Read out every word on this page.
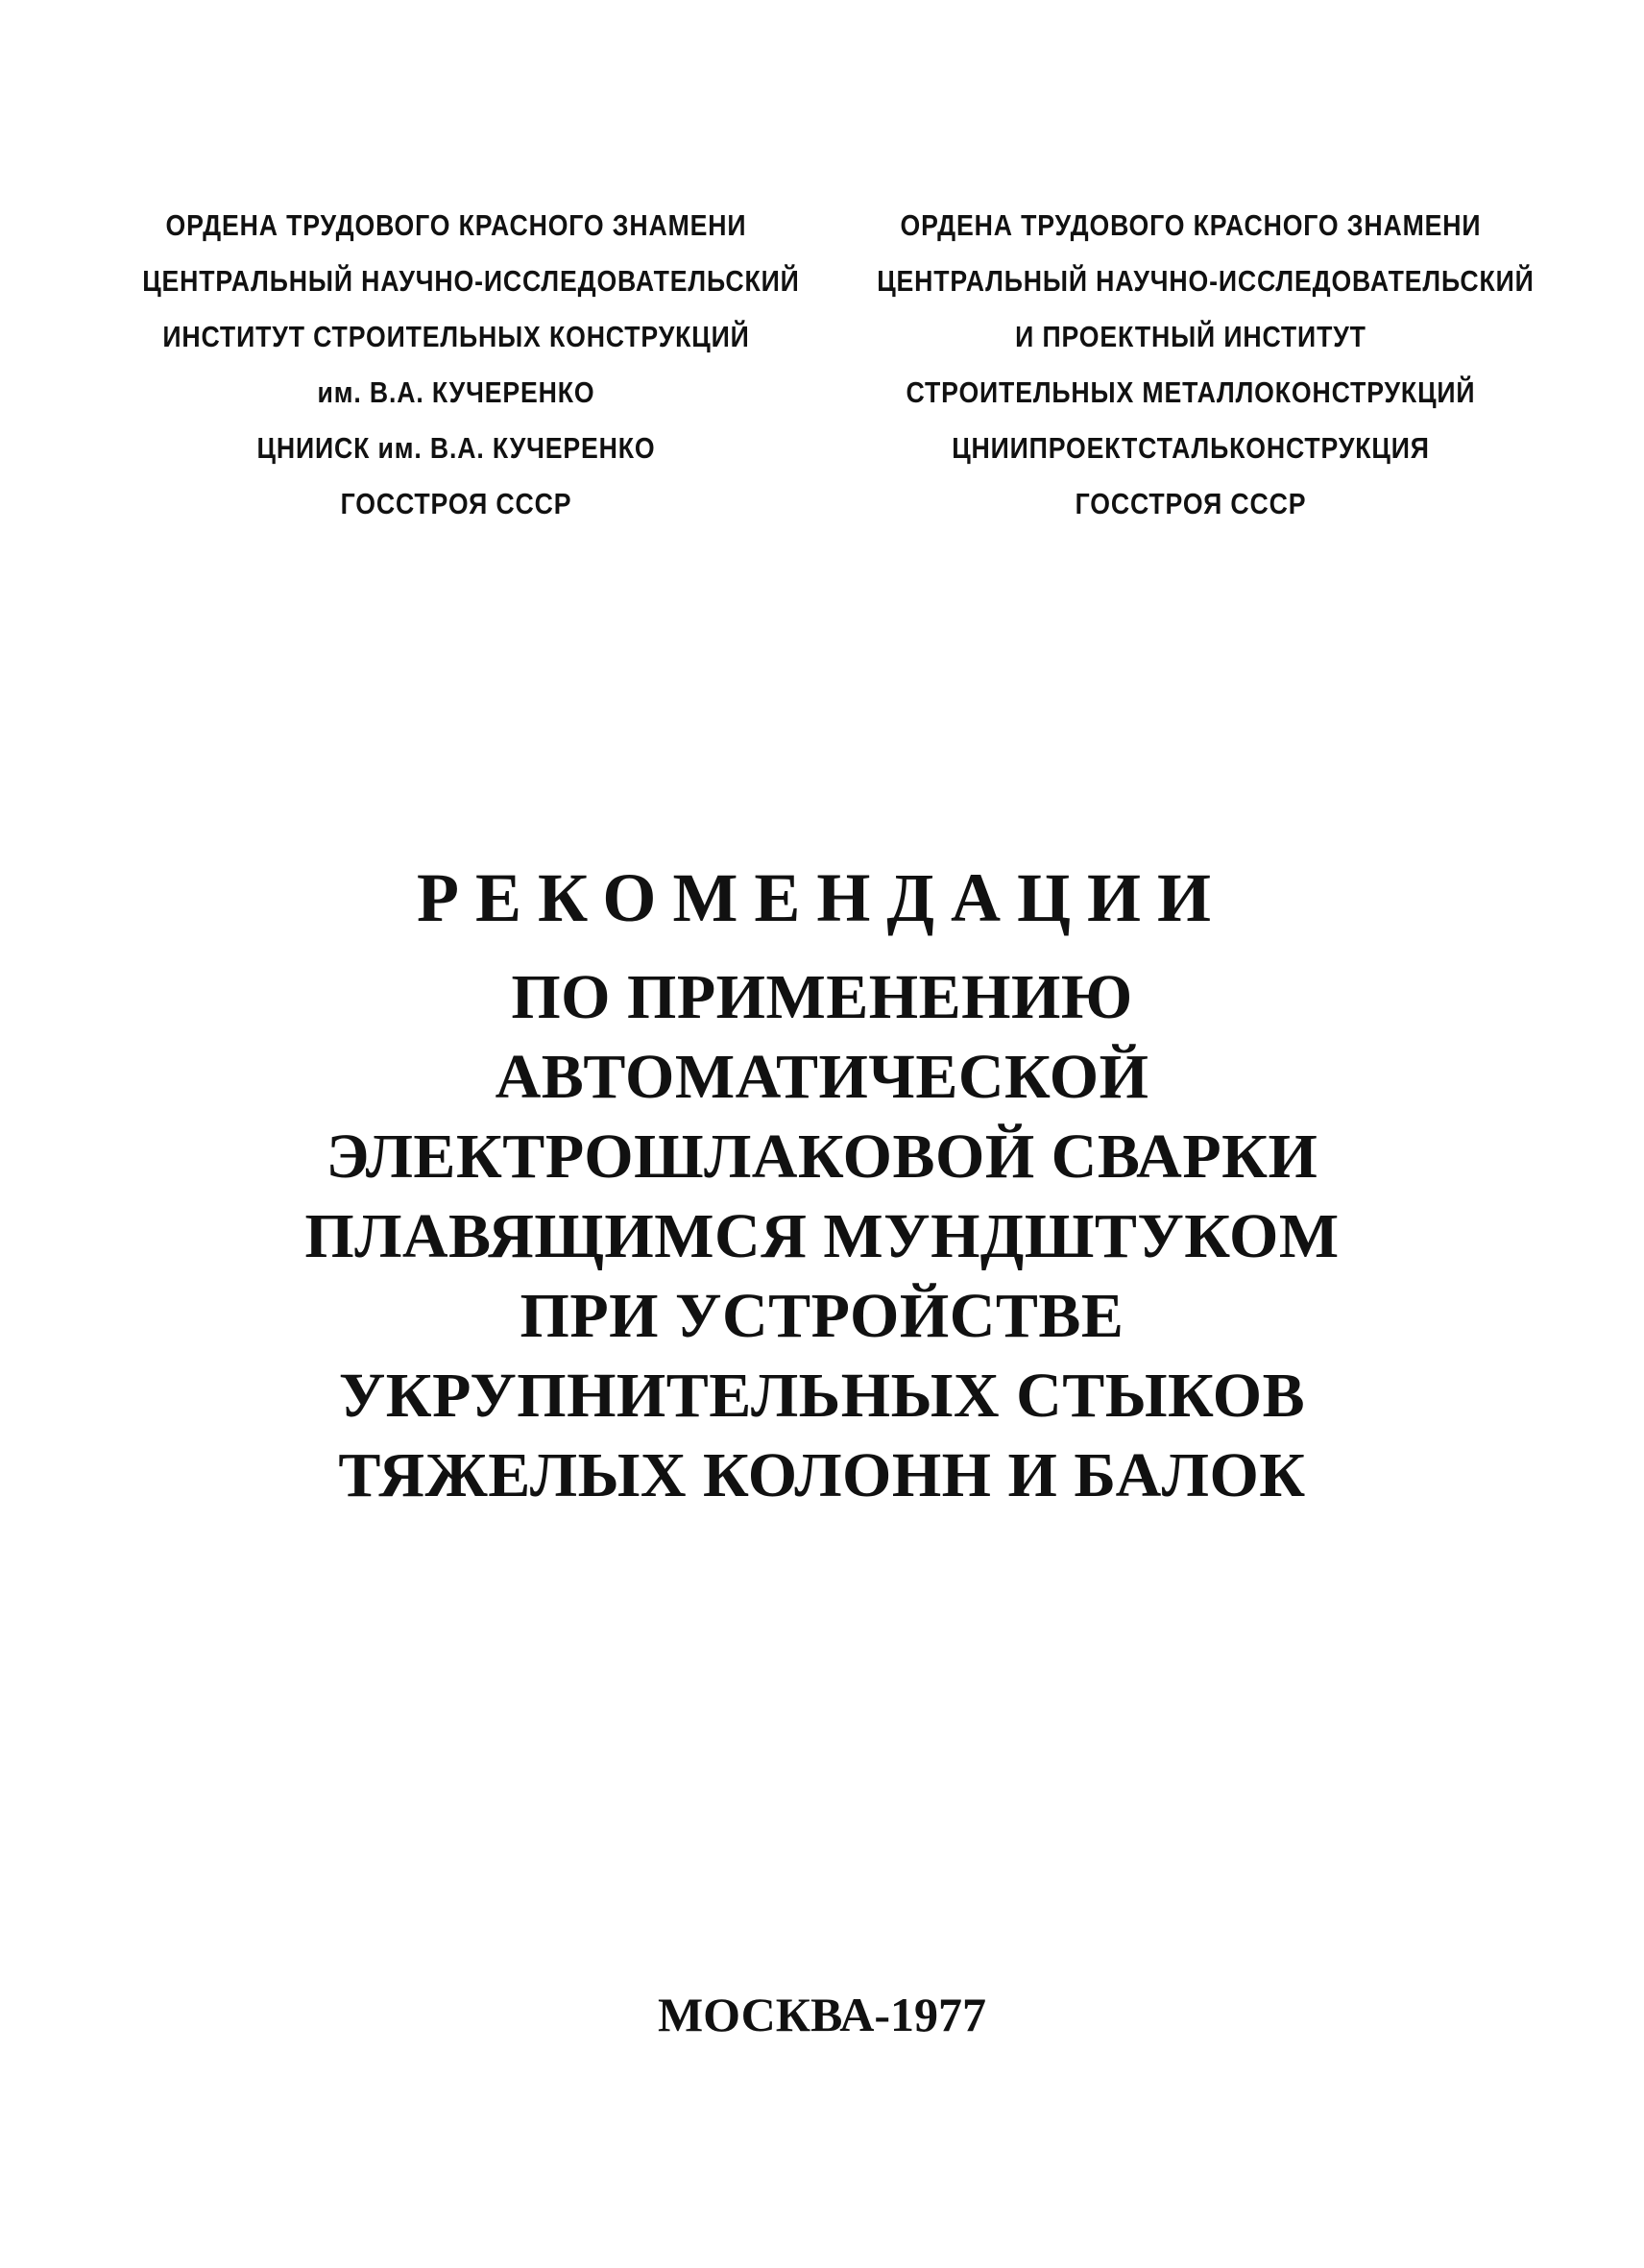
ОРДЕНА ТРУДОВОГО КРАСНОГО ЗНАМЕНИ
ЦЕНТРАЛЬНЫЙ НАУЧНО-ИССЛЕДОВАТЕЛЬСКИЙ
ИНСТИТУТ СТРОИТЕЛЬНЫХ КОНСТРУКЦИЙ
им. В.А. КУЧЕРЕНКО
ЦНИИСК им. В.А. КУЧЕРЕНКО
ГОССТРОЯ СССР
ОРДЕНА ТРУДОВОГО КРАСНОГО ЗНАМЕНИ
ЦЕНТРАЛЬНЫЙ НАУЧНО-ИССЛЕДОВАТЕЛЬСКИЙ
И ПРОЕКТНЫЙ ИНСТИТУТ
СТРОИТЕЛЬНЫХ МЕТАЛЛОКОНСТРУКЦИЙ
ЦНИИПРОЕКТСТАЛЬКОНСТРУКЦИЯ
ГОССТРОЯ СССР
РЕКОМЕНДАЦИИ
ПО ПРИМЕНЕНИЮ
АВТОМАТИЧЕСКОЙ
ЭЛЕКТРОШЛАКОВОЙ СВАРКИ
ПЛАВЯЩИМСЯ МУНДШТУКОМ
ПРИ УСТРОЙСТВЕ
УКРУПНИТЕЛЬНЫХ СТЫКОВ
ТЯЖЕЛЫХ КОЛОНН И БАЛОК
МОСКВА-1977
